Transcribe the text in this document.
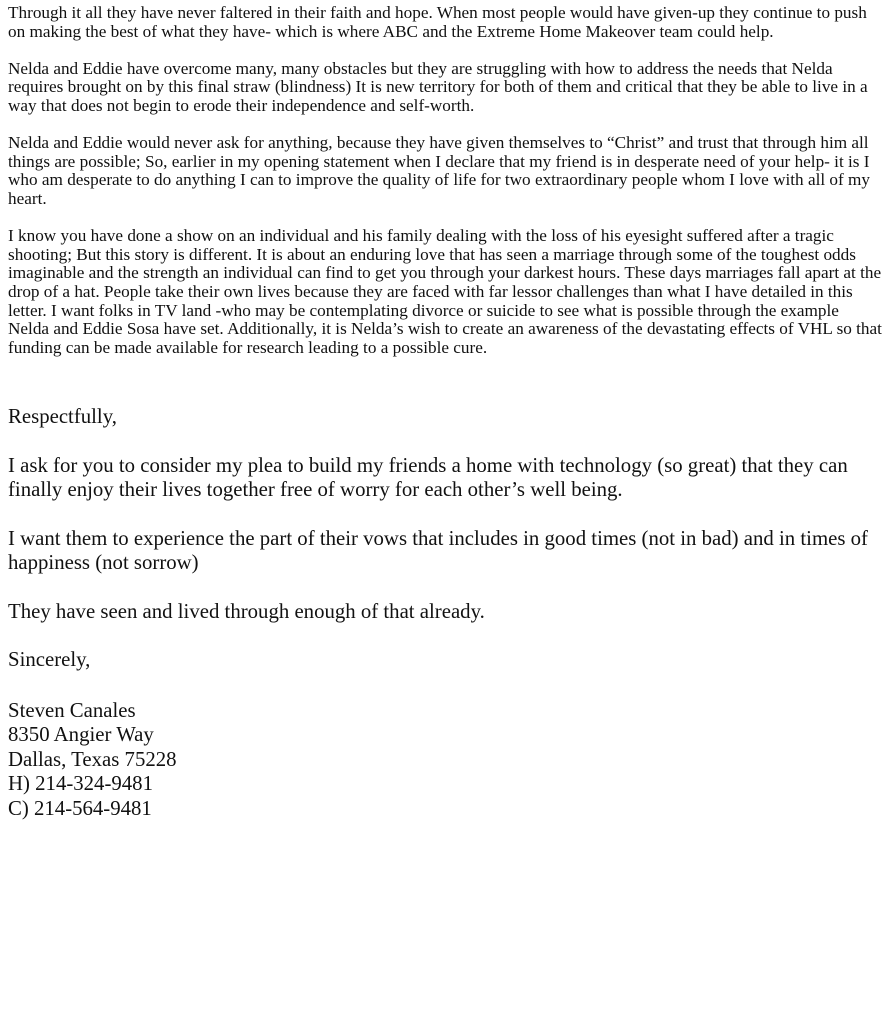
Through it all they have never faltered in their faith and hope. When most people would have given-up they continue to push on making the best of what they have- which is where ABC and the Extreme Home Makeover team could help.

Nelda and Eddie have overcome many, many obstacles but they are struggling with how to address the needs that Nelda requires brought on by this final straw (blindness) It is new territory for both of them and critical that they be able to live in a way that does not begin to erode their independence and self-worth.

Nelda and Eddie would never ask for anything, because they have given themselves to “Christ” and trust that through him all things are possible; So, earlier in my opening statement when I declare that my friend is in desperate need of your help- it is I who am desperate to do anything I can to improve the quality of life for two extraordinary people whom I love with all of my heart.

I know you have done a show on an individual and his family dealing with the loss of his eyesight suffered after a tragic shooting; But this story is different. It is about an enduring love that has seen a marriage through some of the toughest odds imaginable and the strength an individual can find to get you through your darkest hours. These days marriages fall apart at the drop of a hat. People take their own lives because they are faced with far lessor challenges than what I have detailed in this letter. I want folks in TV land -who may be contemplating divorce or suicide to see what is possible through the example Nelda and Eddie Sosa have set. Additionally, it is Nelda’s wish to create an awareness of the devastating effects of VHL so that funding can be made available for research leading to a possible cure.

Respectfully,

I ask for you to consider my plea to build my friends a home with technology (so great) that they can finally enjoy their lives together free of worry for each other’s well being.

I want them to experience the part of their vows that includes in good times (not in bad) and in times of happiness (not sorrow)

They have seen and lived through enough of that already.

Sincerely,

Steven Canales
8350 Angier Way
Dallas, Texas 75228
H) 214-324-9481
C) 214-564-9481
